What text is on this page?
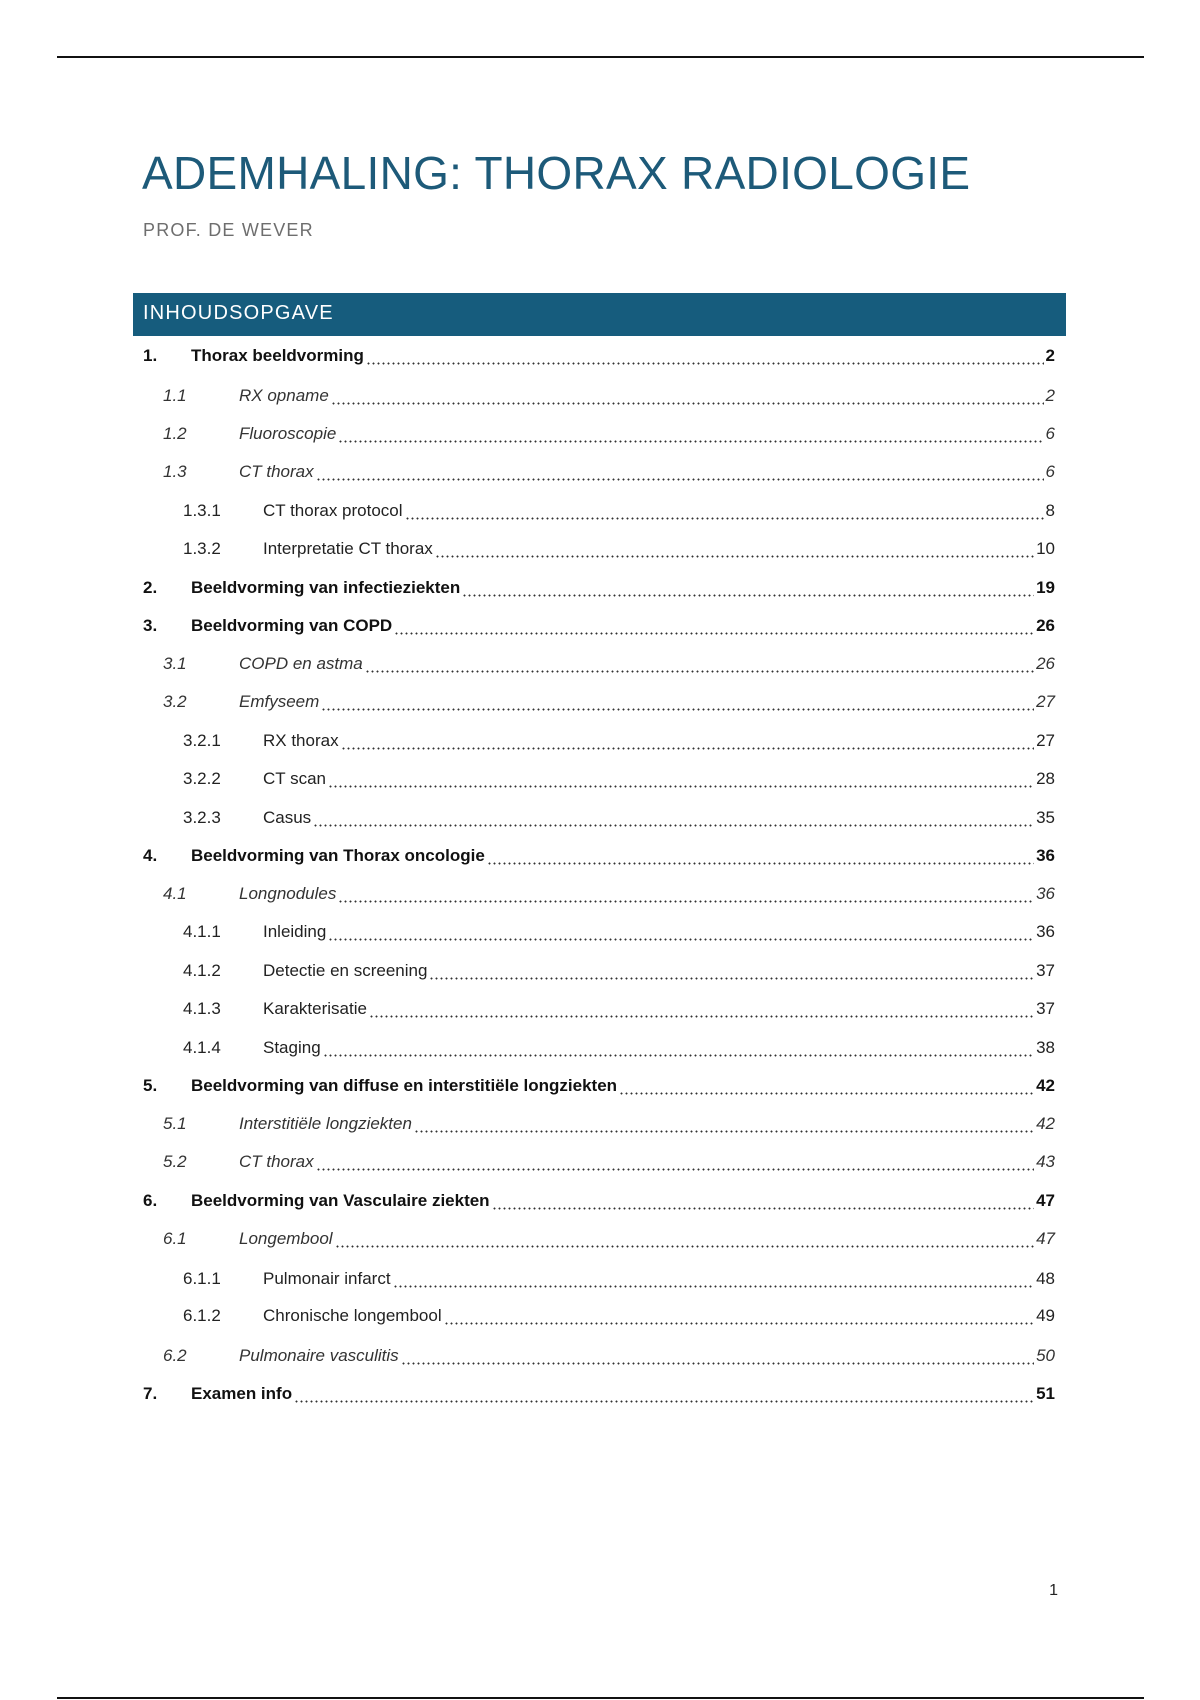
ADEMHALING: THORAX RADIOLOGIE
PROF. DE WEVER
INHOUDSOPGAVE
1. Thorax beeldvorming	2
1.1	RX opname	2
1.2	Fluoroscopie	6
1.3	CT thorax	6
1.3.1 CT thorax protocol	8
1.3.2 Interpretatie CT thorax	10
2. Beeldvorming van infectieziekten	19
3. Beeldvorming van COPD	26
3.1	COPD en astma	26
3.2	Emfyseem	27
3.2.1 RX thorax	27
3.2.2 CT scan	28
3.2.3 Casus	35
4. Beeldvorming van Thorax oncologie	36
4.1	Longnodules	36
4.1.1 Inleiding	36
4.1.2 Detectie en screening	37
4.1.3 Karakterisatie	37
4.1.4 Staging	38
5. Beeldvorming van diffuse en interstitiële longziekten	42
5.1	Interstitiële longziekten	42
5.2	CT thorax	43
6. Beeldvorming van Vasculaire ziekten	47
6.1	Longembool	47
6.1.1 Pulmonair infarct	48
6.1.2 Chronische longembool	49
6.2	Pulmonaire vasculitis	50
7. Examen info	51
1
